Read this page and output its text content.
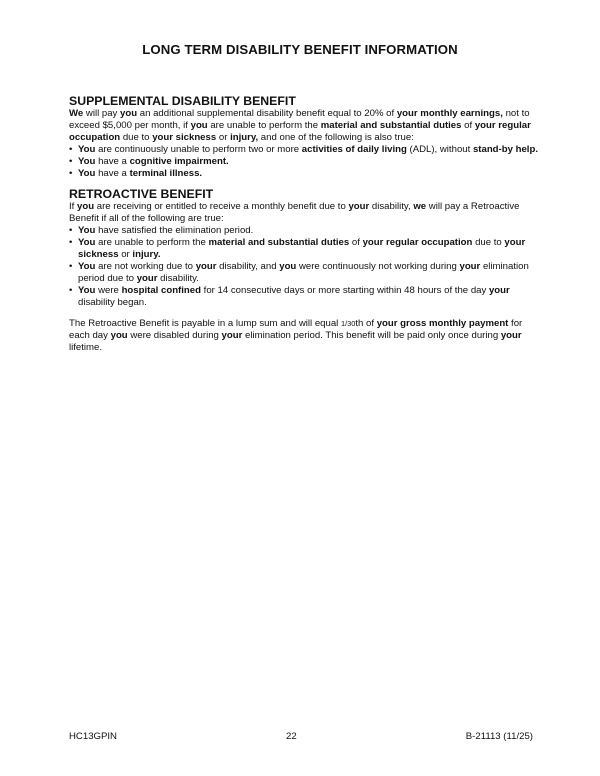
LONG TERM DISABILITY BENEFIT INFORMATION
SUPPLEMENTAL DISABILITY BENEFIT

We will pay you an additional supplemental disability benefit equal to 20% of your monthly earnings, not to exceed $5,000 per month, if you are unable to perform the material and substantial duties of your regular occupation due to your sickness or injury, and one of the following is also true:

• You are continuously unable to perform two or more activities of daily living (ADL), without stand-by help.
• You have a cognitive impairment.
• You have a terminal illness.
RETROACTIVE BENEFIT

If you are receiving or entitled to receive a monthly benefit due to your disability, we will pay a Retroactive Benefit if all of the following are true:

• You have satisfied the elimination period.
• You are unable to perform the material and substantial duties of your regular occupation due to your sickness or injury.
• You are not working due to your disability, and you were continuously not working during your elimination period due to your disability.
• You were hospital confined for 14 consecutive days or more starting within 48 hours of the day your disability began.

The Retroactive Benefit is payable in a lump sum and will equal 1/30th of your gross monthly payment for each day you were disabled during your elimination period. This benefit will be paid only once during your lifetime.

HC13GPIN	22	B-21113 (11/25)
